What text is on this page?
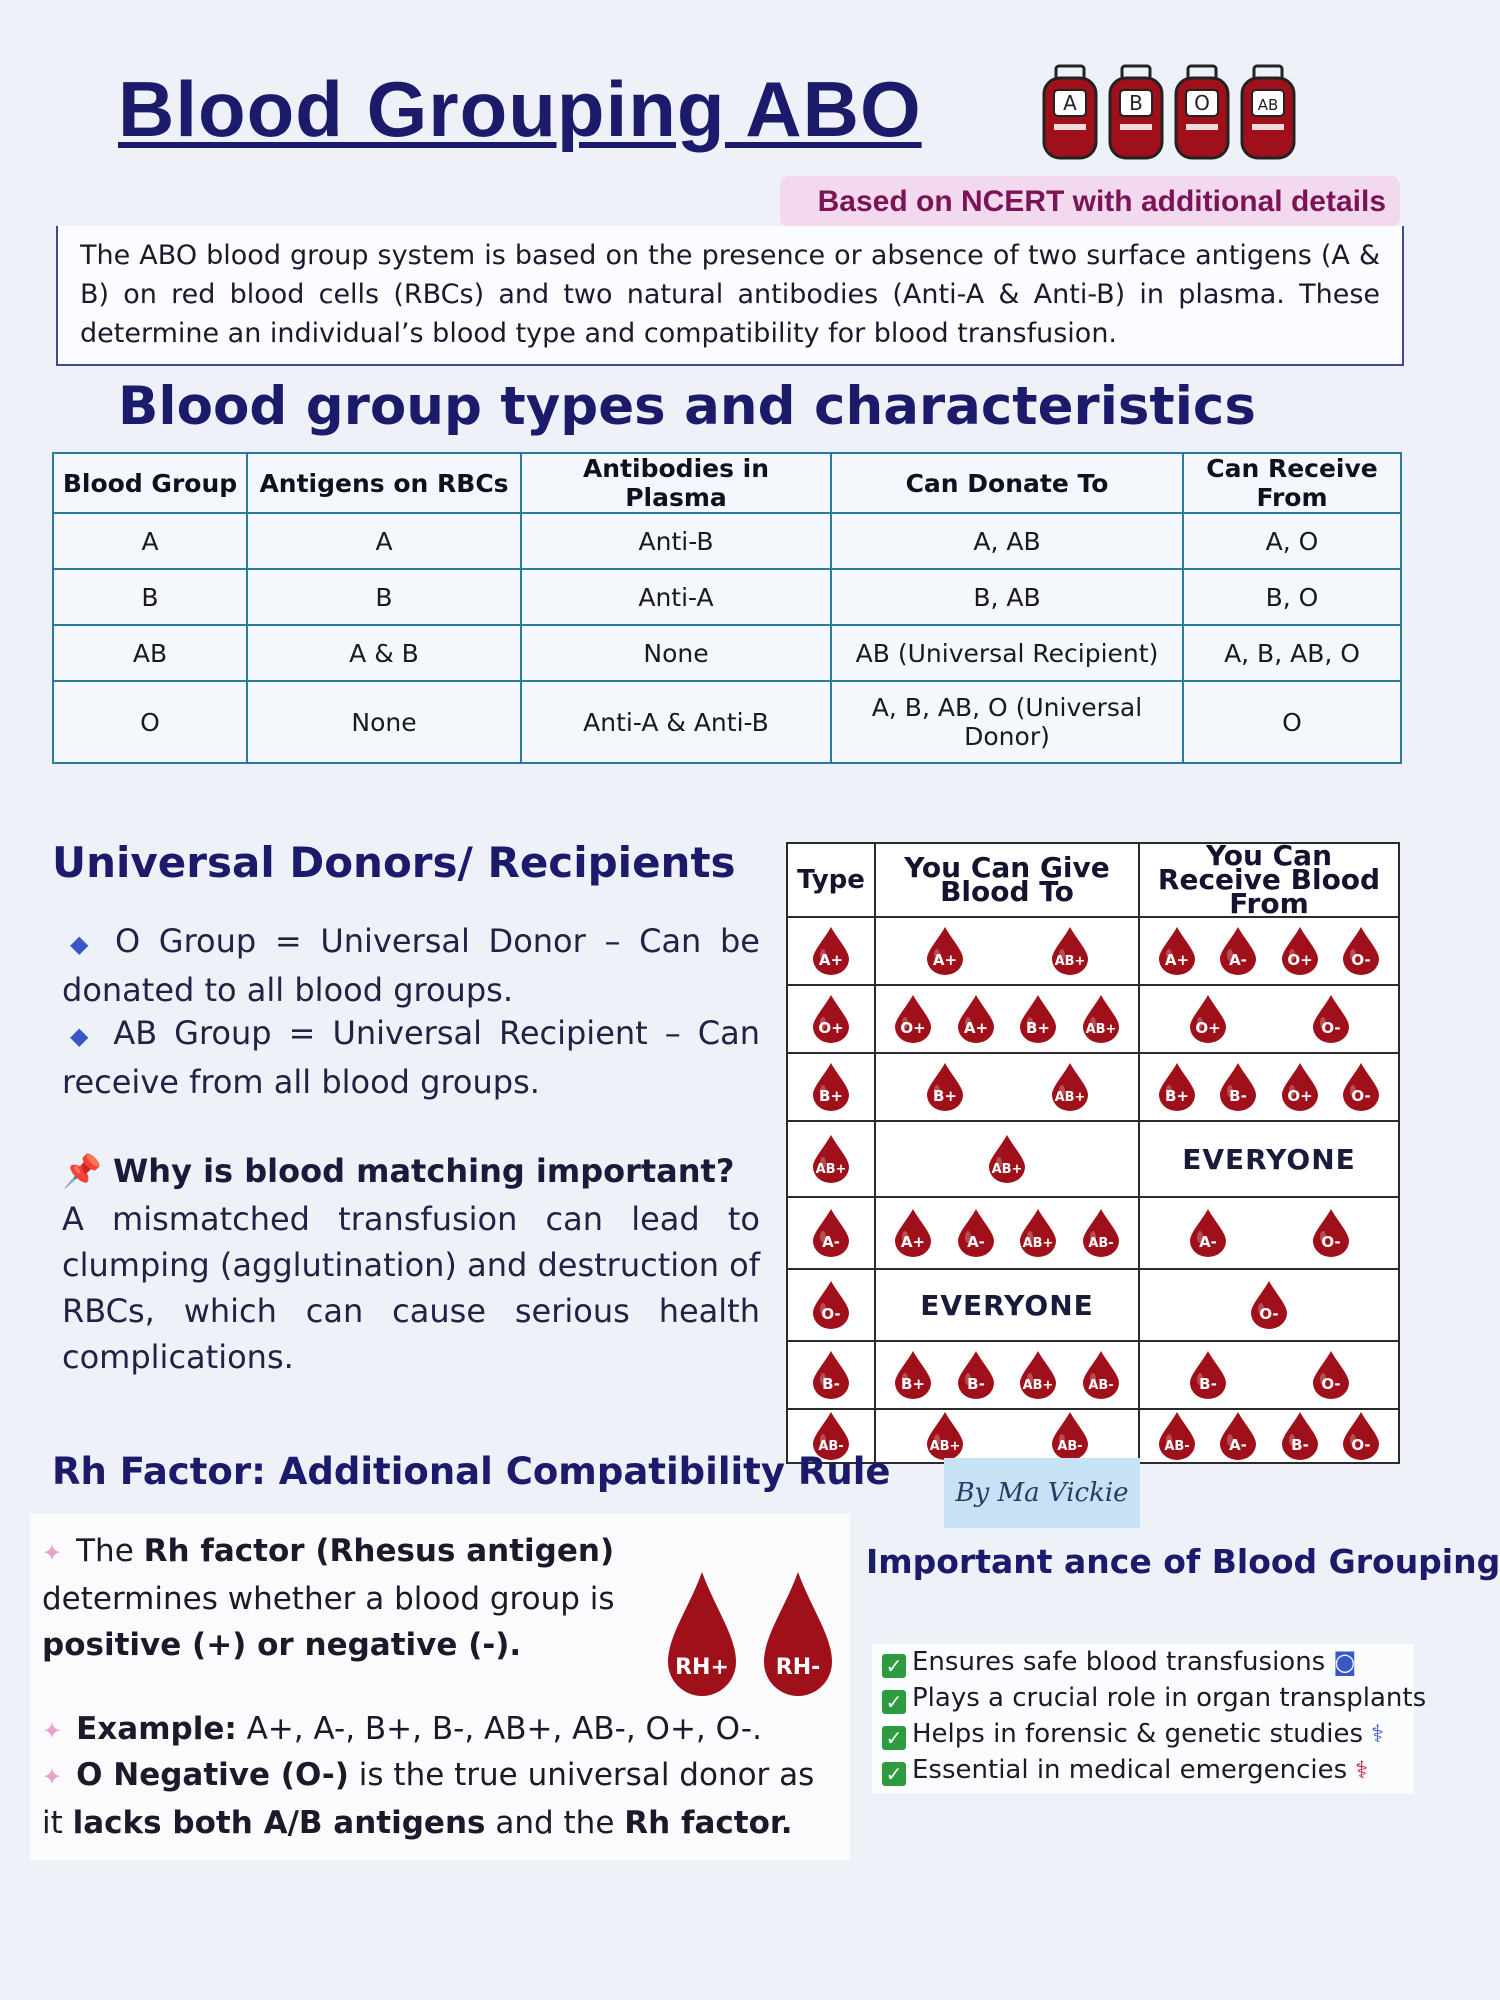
Blood Grouping ABO	A	B	O	AB
Based on NCERT with additional details
The ABO blood group system is based on the presence or absence of two surface antigens (A & B) on red blood cells (RBCs) and two natural antibodies (Anti-A & Anti-B) in plasma. These determine an individual’s blood type and compatibility for blood transfusion.
Blood group types and characteristics
Blood Group	Antigens on RBCs	Antibodies in Plasma	Can Donate To	Can Receive From
A	A	Anti-B	A, AB	A, O
B	B	Anti-A	B, AB	B, O
AB	A & B	None	AB (Universal Recipient)	A, B, AB, O
O	None	Anti-A & Anti-B	A, B, AB, O (Universal Donor)	O
Universal Donors/ Recipients
◆ O Group = Universal Donor – Can be donated to all blood groups.
◆ AB Group = Universal Recipient – Can receive from all blood groups.
📌 Why is blood matching important?
A mismatched transfusion can lead to clumping (agglutination) and destruction of RBCs, which can cause serious health complications.
Type	You Can Give Blood To	You Can Receive Blood From

A+	A+ AB+	A+ A- O+ O-

O+	O+ A+ B+ AB+	O+ O-

B+	B+ AB+	B+ B- O+ O-

AB+	AB+	EVERYONE

A-	A+ A- AB+ AB-	A- O-

O-	EVERYONE	O-

B-	B+ B- AB+ AB-	B- O-

AB-	AB+ AB-	AB- A- B- O-
Rh Factor: Additional Compatibility Rule
✦ The Rh factor (Rhesus antigen) determines whether a blood group is positive (+) or negative (-).
✦ Example: A+, A-, B+, B-, AB+, AB-, O+, O-.
✦ O Negative (O-) is the true universal donor as it lacks both A/B antigens and the Rh factor.
RH+ RH-
By Ma Vickie
Important ance of Blood Grouping
✓ Ensures safe blood transfusions ◙
✓ Plays a crucial role in organ transplants
✓ Helps in forensic & genetic studies ⚕
✓ Essential in medical emergencies ⚕
